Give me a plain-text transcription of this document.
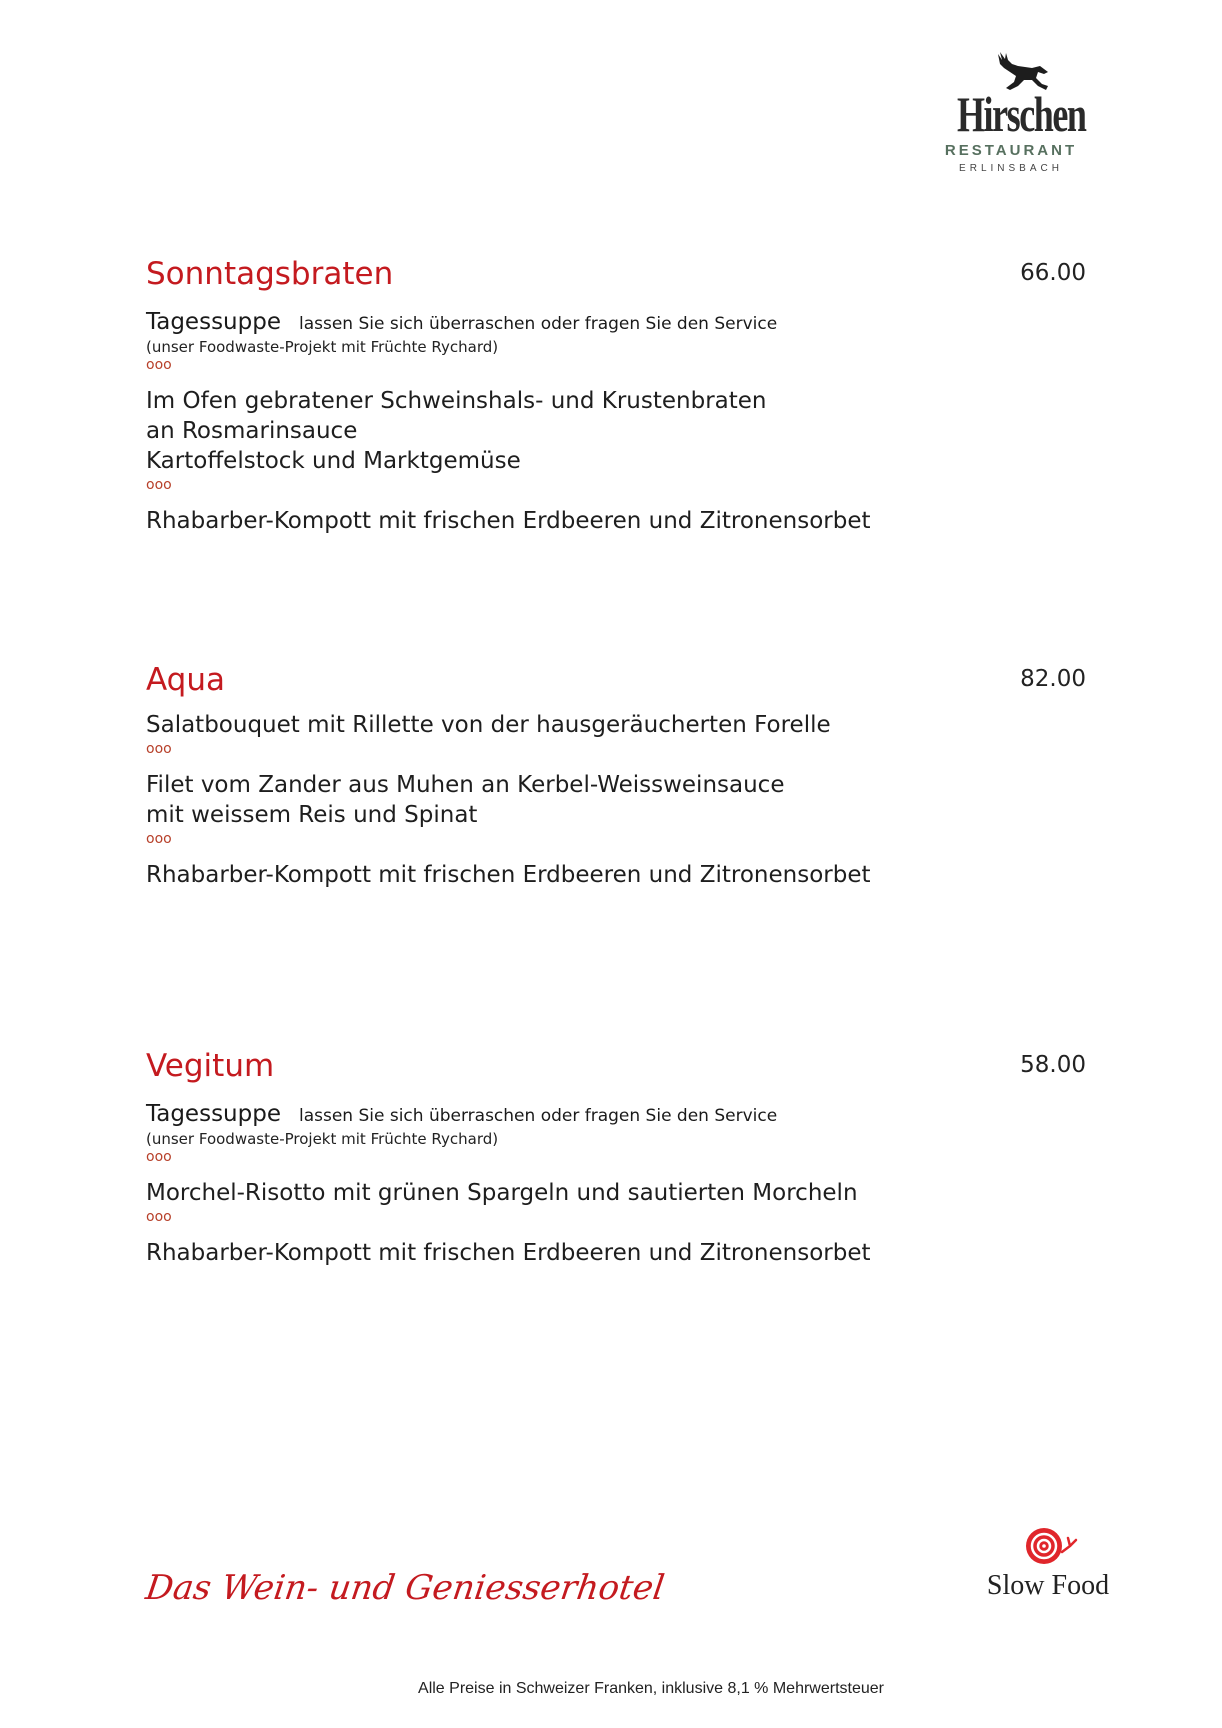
Hirschen
RESTAURANT
ERLINSBACH
Sonntagsbraten	66.00
Tagessuppe lassen Sie sich überraschen oder fragen Sie den Service
(unser Foodwaste-Projekt mit Früchte Rychard)
ooo
Im Ofen gebratener Schweinshals- und Krustenbraten
an Rosmarinsauce
Kartoffelstock und Marktgemüse
ooo
Rhabarber-Kompott mit frischen Erdbeeren und Zitronensorbet
Aqua	82.00
Salatbouquet mit Rillette von der hausgeräucherten Forelle
ooo
Filet vom Zander aus Muhen an Kerbel-Weissweinsauce
mit weissem Reis und Spinat
ooo
Rhabarber-Kompott mit frischen Erdbeeren und Zitronensorbet
Vegitum	58.00
Tagessuppe lassen Sie sich überraschen oder fragen Sie den Service
(unser Foodwaste-Projekt mit Früchte Rychard)
ooo
Morchel-Risotto mit grünen Spargeln und sautierten Morcheln
ooo
Rhabarber-Kompott mit frischen Erdbeeren und Zitronensorbet
Das Wein- und Geniesserhotel	Slow Food
Alle Preise in Schweizer Franken, inklusive 8,1 % Mehrwertsteuer
